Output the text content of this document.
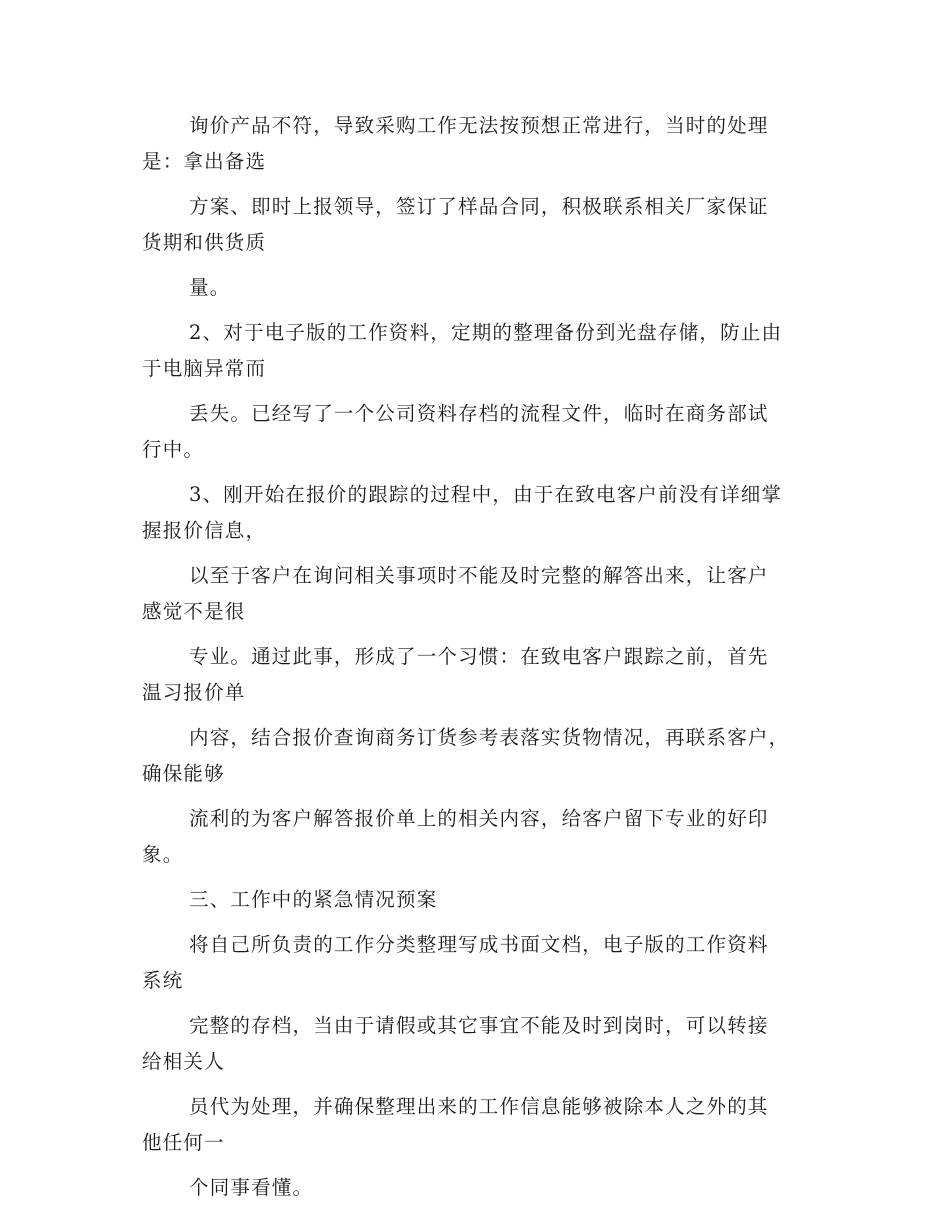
询价产品不符，导致采购工作无法按预想正常进行，当时的处理
是：拿出备选
方案、即时上报领导，签订了样品合同，积极联系相关厂家保证
货期和供货质
量。
2、对于电子版的工作资料，定期的整理备份到光盘存储，防止由
于电脑异常而
丢失。已经写了一个公司资料存档的流程文件，临时在商务部试
行中。
3、刚开始在报价的跟踪的过程中，由于在致电客户前没有详细掌
握报价信息，
以至于客户在询问相关事项时不能及时完整的解答出来，让客户
感觉不是很
专业。通过此事，形成了一个习惯：在致电客户跟踪之前，首先
温习报价单
内容，结合报价查询商务订货参考表落实货物情况，再联系客户，
确保能够
流利的为客户解答报价单上的相关内容，给客户留下专业的好印
象。
三、工作中的紧急情况预案
将自己所负责的工作分类整理写成书面文档，电子版的工作资料
系统
完整的存档，当由于请假或其它事宜不能及时到岗时，可以转接
给相关人
员代为处理，并确保整理出来的工作信息能够被除本人之外的其
他任何一
个同事看懂。
